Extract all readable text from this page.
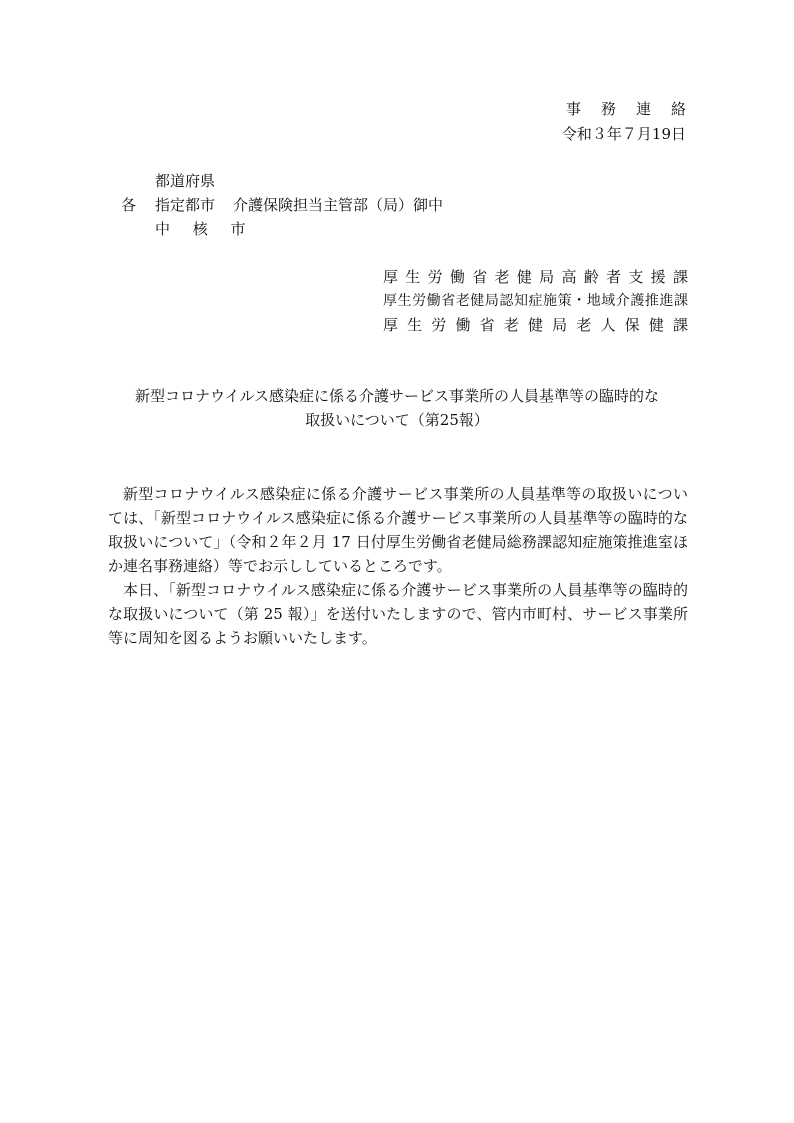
事務連絡
令和３年７月19日
都道府県
各 指定都市 介護保険担当主管部（局）御中
中 核 市
厚生労働省老健局高齢者支援課
厚生労働省老健局認知症施策・地域介護推進課
厚生労働省老健局老人保健課
新型コロナウイルス感染症に係る介護サービス事業所の人員基準等の臨時的な
取扱いについて（第25報）
新型コロナウイルス感染症に係る介護サービス事業所の人員基準等の取扱いについては、「新型コロナウイルス感染症に係る介護サービス事業所の人員基準等の臨時的な取扱いについて」（令和２年２月 17 日付厚生労働省老健局総務課認知症施策推進室ほか連名事務連絡）等でお示ししているところです。
本日、「新型コロナウイルス感染症に係る介護サービス事業所の人員基準等の臨時的な取扱いについて（第 25 報）」を送付いたしますので、管内市町村、サービス事業所等に周知を図るようお願いいたします。
